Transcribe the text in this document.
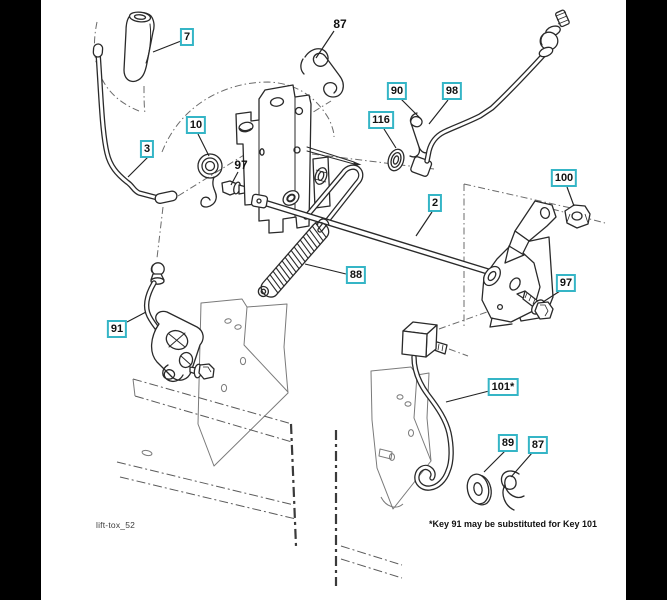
7
87
3
10
97
90	98
116
100
2
88
97
91
101*
89	87
lift-tox_52	*Key 91 may be substituted for Key 101
